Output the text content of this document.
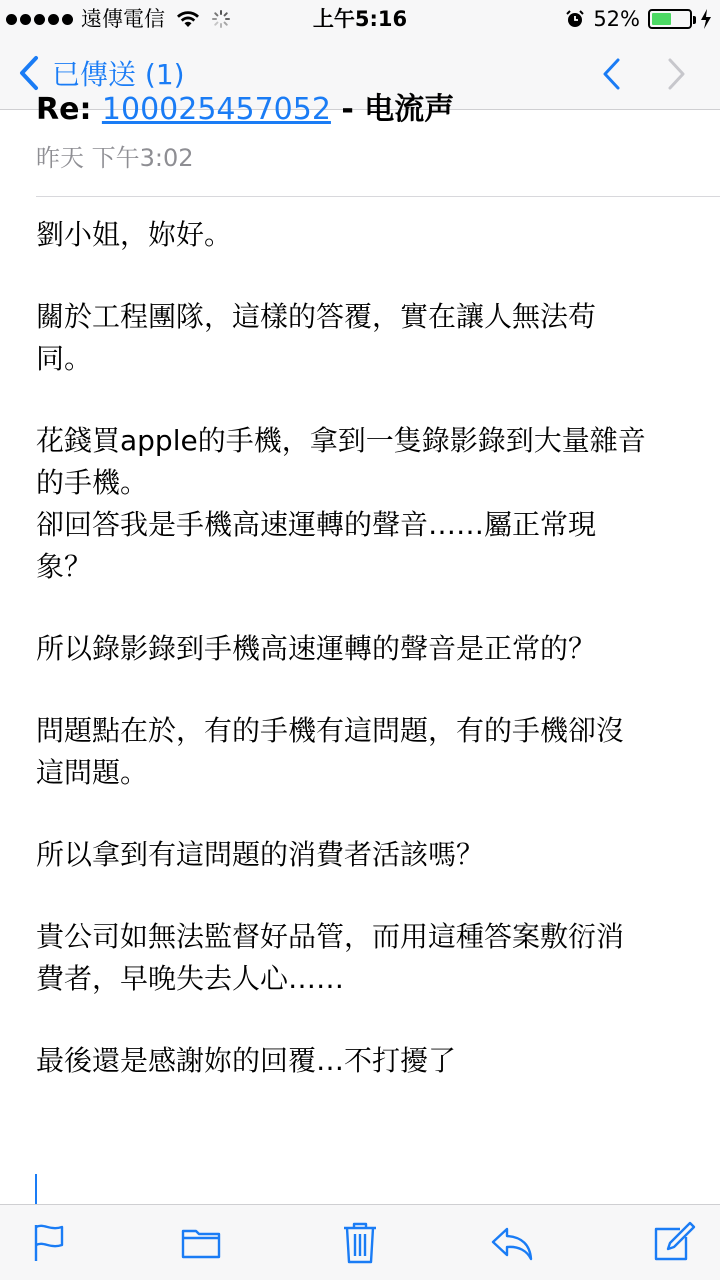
遠傳電信	上午5:16	52%
已傳送 (1)
Re: 100025457052 - 电流声
昨天 下午3:02

劉小姐，妳好。

關於工程團隊，這樣的答覆，實在讓人無法苟

同。

花錢買apple的手機，拿到一隻錄影錄到大量雜音

的手機。

卻回答我是手機高速運轉的聲音……屬正常現

象？

所以錄影錄到手機高速運轉的聲音是正常的？

問題點在於，有的手機有這問題，有的手機卻沒

這問題。

所以拿到有這問題的消費者活該嗎？

貴公司如無法監督好品管，而用這種答案敷衍消

費者，早晚失去人心……

最後還是感謝妳的回覆…不打擾了
